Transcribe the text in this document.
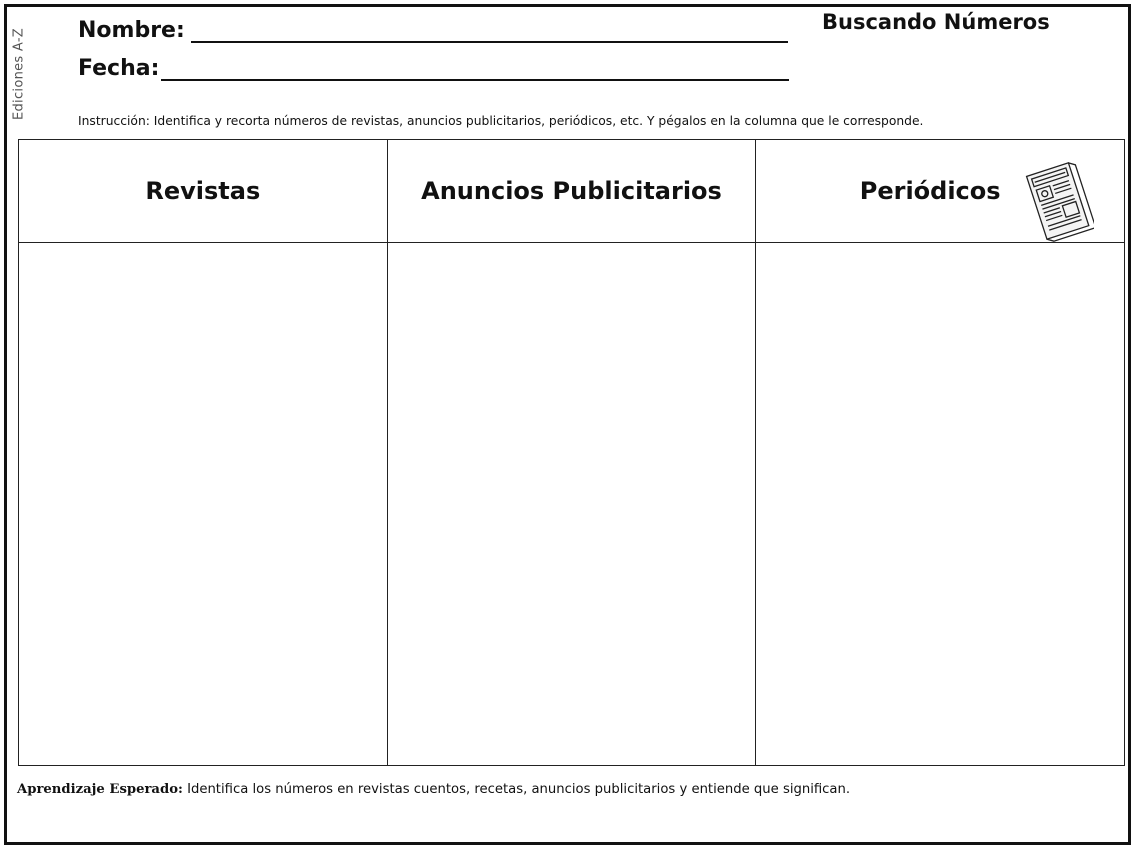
Ediciones A-Z
Buscando Números
Nombre:
Fecha:
Instrucción: Identifica y recorta números de revistas, anuncios publicitarios, periódicos, etc. Y pégalos en la columna que le corresponde.
Revistas	Anuncios Publicitarios	Periódicos

Aprendizaje Esperado: Identifica los números en revistas cuentos, recetas, anuncios publicitarios y entiende que significan.
